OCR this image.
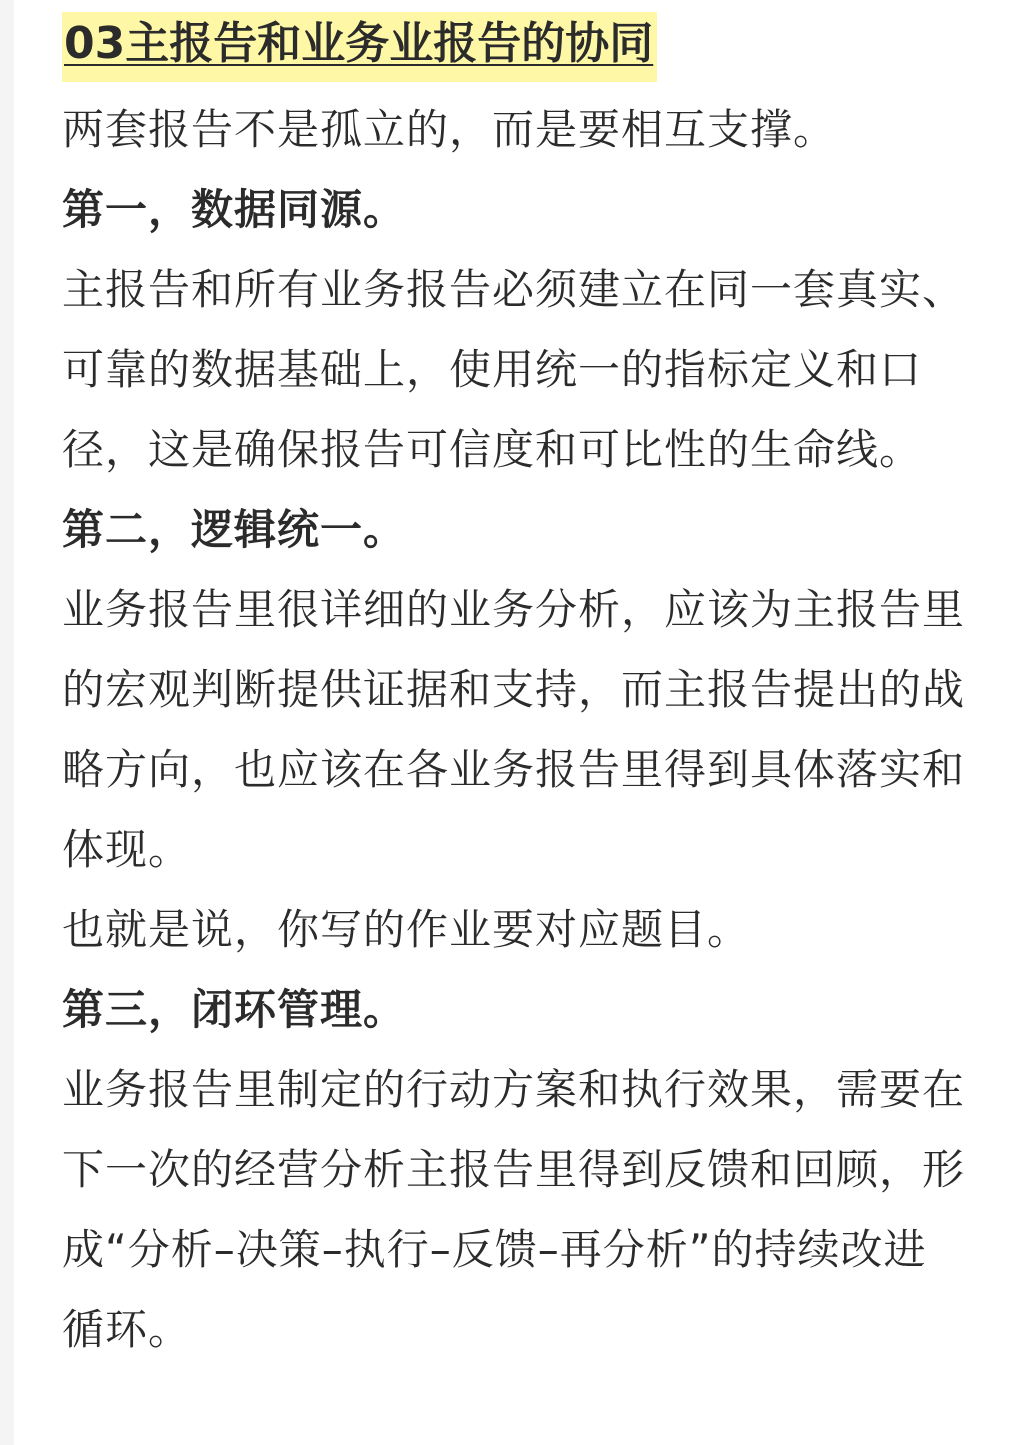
03主报告和业务业报告的协同

两套报告不是孤立的，而是要相互支撑。

第一，数据同源。

主报告和所有业务报告必须建立在同一套真实、可靠的数据基础上，使用统一的指标定义和口径，这是确保报告可信度和可比性的生命线。

第二，逻辑统一。

业务报告里很详细的业务分析，应该为主报告里的宏观判断提供证据和支持，而主报告提出的战略方向，也应该在各业务报告里得到具体落实和体现。

也就是说，你写的作业要对应题目。

第三，闭环管理。

业务报告里制定的行动方案和执行效果，需要在下一次的经营分析主报告里得到反馈和回顾，形成“分析–决策–执行–反馈–再分析”的持续改进循环。
